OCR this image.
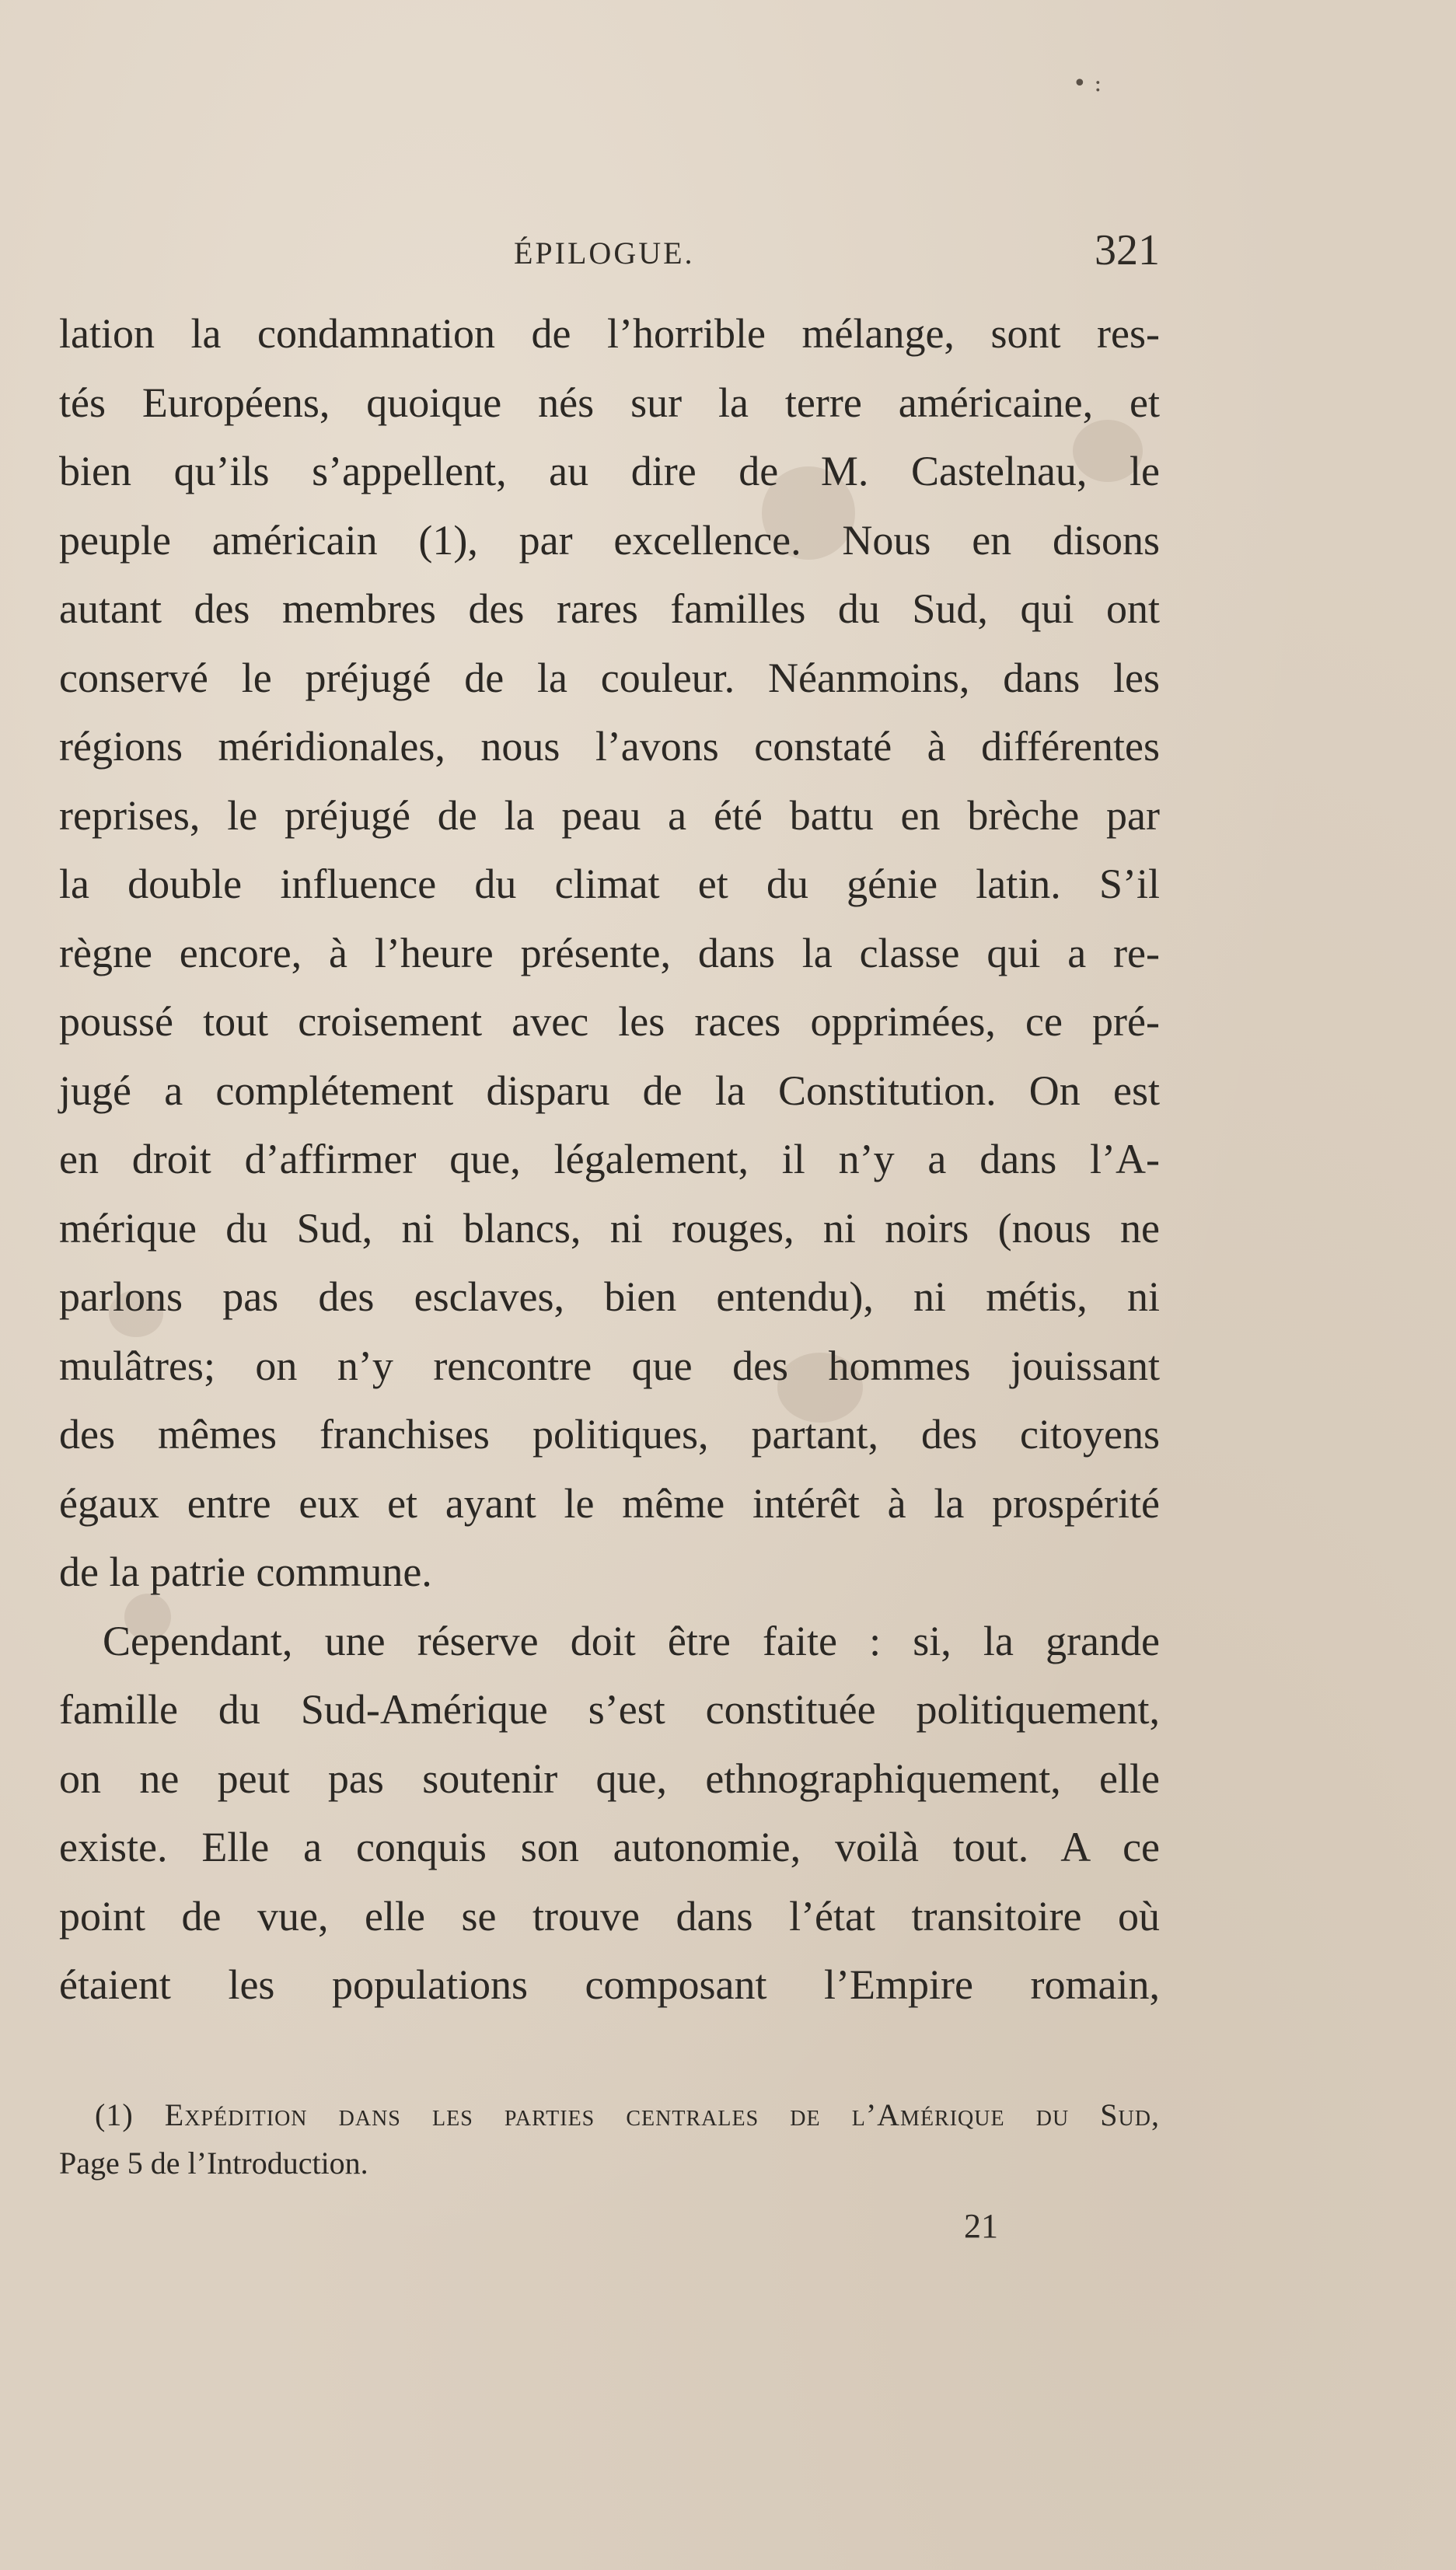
• :
ÉPILOGUE.	321
lation la condamnation de l’horrible mélange, sont res-
tés Européens, quoique nés sur la terre américaine, et
bien qu’ils s’appellent, au dire de M. Castelnau, le
peuple américain (1), par excellence. Nous en disons
autant des membres des rares familles du Sud, qui ont
conservé le préjugé de la couleur. Néanmoins, dans les
régions méridionales, nous l’avons constaté à différentes
reprises, le préjugé de la peau a été battu en brèche par
la double influence du climat et du génie latin. S’il
règne encore, à l’heure présente, dans la classe qui a re-
poussé tout croisement avec les races opprimées, ce pré-
jugé a complétement disparu de la Constitution. On est
en droit d’affirmer que, légalement, il n’y a dans l’A-
mérique du Sud, ni blancs, ni rouges, ni noirs (nous ne
parlons pas des esclaves, bien entendu), ni métis, ni
mulâtres; on n’y rencontre que des hommes jouissant
des mêmes franchises politiques, partant, des citoyens
égaux entre eux et ayant le même intérêt à la prospérité
de la patrie commune.
Cependant, une réserve doit être faite : si, la grande
famille du Sud-Amérique s’est constituée politiquement,
on ne peut pas soutenir que, ethnographiquement, elle
existe. Elle a conquis son autonomie, voilà tout. A ce
point de vue, elle se trouve dans l’état transitoire où
étaient les populations composant l’Empire romain,
(1) Expédition dans les parties centrales de l’Amérique du Sud,
Page 5 de l’Introduction.
21
